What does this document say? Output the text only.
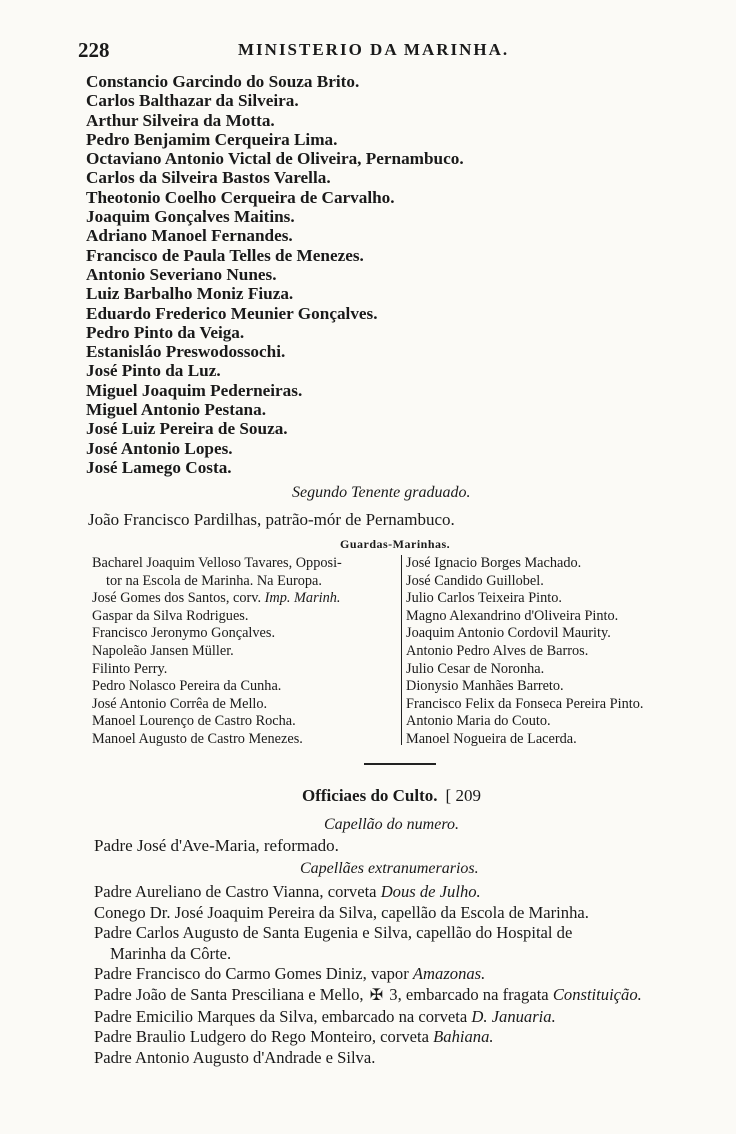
228	MINISTERIO DA MARINHA.
Constancio Garcindo do Souza Brito.
Carlos Balthazar da Silveira.
Arthur Silveira da Motta.
Pedro Benjamim Cerqueira Lima.
Octaviano Antonio Victal de Oliveira, Pernambuco.
Carlos da Silveira Bastos Varella.
Theotonio Coelho Cerqueira de Carvalho.
Joaquim Gonçalves Maitins.
Adriano Manoel Fernandes.
Francisco de Paula Telles de Menezes.
Antonio Severiano Nunes.
Luiz Barbalho Moniz Fiuza.
Eduardo Frederico Meunier Gonçalves.
Pedro Pinto da Veiga.
Estanisláo Preswodossochi.
José Pinto da Luz.
Miguel Joaquim Pederneiras.
Miguel Antonio Pestana.
José Luiz Pereira de Souza.
José Antonio Lopes.
José Lamego Costa.
Segundo Tenente graduado.
João Francisco Pardilhas, patrão-mór de Pernambuco.
Guardas-Marinhas.
Bacharel Joaquim Velloso Tavares, Opposi-
tor na Escola de Marinha. Na Europa.
José Gomes dos Santos, corv. Imp. Marinh.
Gaspar da Silva Rodrigues.
Francisco Jeronymo Gonçalves.
Napoleão Jansen Müller.
Filinto Perry.
Pedro Nolasco Pereira da Cunha.
José Antonio Corrêa de Mello.
Manoel Lourenço de Castro Rocha.
Manoel Augusto de Castro Menezes.
José Ignacio Borges Machado.
José Candido Guillobel.
Julio Carlos Teixeira Pinto.
Magno Alexandrino d'Oliveira Pinto.
Joaquim Antonio Cordovil Maurity.
Antonio Pedro Alves de Barros.
Julio Cesar de Noronha.
Dionysio Manhães Barreto.
Francisco Felix da Fonseca Pereira Pinto.
Antonio Maria do Couto.
Manoel Nogueira de Lacerda.
Officiaes do Culto. [ 209
Capellão do numero.
Padre José d'Ave-Maria, reformado.
Capellães extranumerarios.
Padre Aureliano de Castro Vianna, corveta Dous de Julho.
Conego Dr. José Joaquim Pereira da Silva, capellão da Escola de Marinha.
Padre Carlos Augusto de Santa Eugenia e Silva, capellão do Hospital de
Marinha da Côrte.
Padre Francisco do Carmo Gomes Diniz, vapor Amazonas.
Padre João de Santa Presciliana e Mello, ✠ 3, embarcado na fragata Constituição.
Padre Emicilio Marques da Silva, embarcado na corveta D. Januaria.
Padre Braulio Ludgero do Rego Monteiro, corveta Bahiana.
Padre Antonio Augusto d'Andrade e Silva.
